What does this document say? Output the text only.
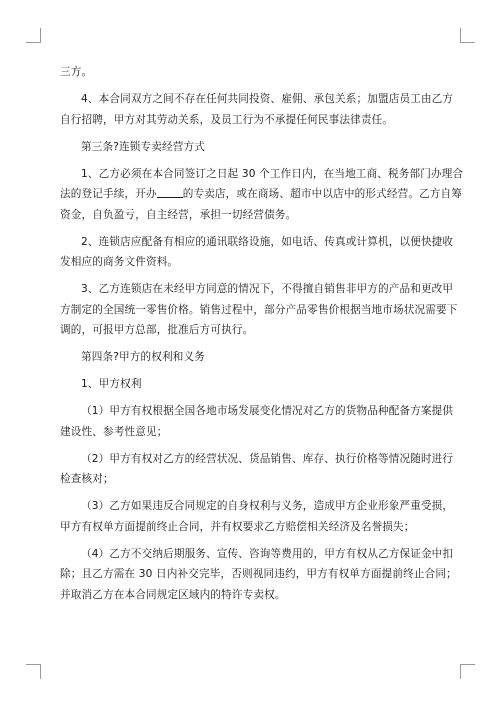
三方。
4、本合同双方之间不存在任何共同投资、雇佣、承包关系；加盟店员工由乙方
自行招聘，甲方对其劳动关系，及员工行为不承提任何民事法律责任。
第三条?连锁专卖经营方式
1、乙方必须在本合同签订之日起 30 个工作日内，在当地工商、税务部门办理合
法的登记手续，开办 的专卖店，或在商场、超市中以店中的形式经营。乙方自筹
资金，自负盈亏，自主经营，承担一切经营债务。
2、连锁店应配备有相应的通讯联络设施，如电话、传真或计算机，以便快捷收
发相应的商务文件资料。
3、乙方连锁店在未经甲方同意的情况下，不得擅自销售非甲方的产品和更改甲
方制定的全国统一零售价格。销售过程中，部分产品零售价根据当地市场状况需要下
调的，可报甲方总部，批准后方可执行。
第四条?甲方的权利和义务
1、甲方权利
（1）甲方有权根据全国各地市场发展变化情况对乙方的货物品种配备方案提供
建设性、参考性意见；
（2）甲方有权对乙方的经营状况、货品销售、库存、执行价格等情况随时进行
检查核对；
（3）乙方如果违反合同规定的自身权利与义务，造成甲方企业形象严重受损，
甲方有权单方面提前终止合同，并有权要求乙方赔偿相关经济及名誉损失；
（4）乙方不交纳后期服务、宣传、咨询等费用的，甲方有权从乙方保证金中扣
除；且乙方需在 30 日内补交完毕，否则视同违约，甲方有权单方面提前终止合同；
并取消乙方在本合同规定区域内的特许专卖权。
